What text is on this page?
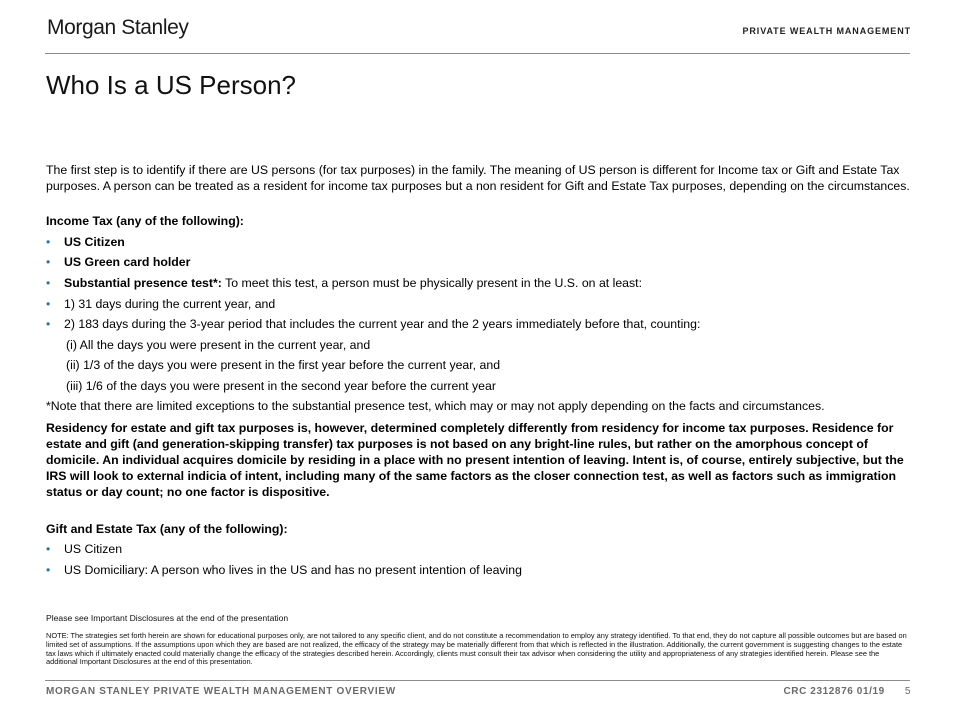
Morgan Stanley	PRIVATE WEALTH MANAGEMENT
Who Is a US Person?
The first step is to identify if there are US persons (for tax purposes) in the family. The meaning of US person is different for Income tax or Gift and Estate Tax purposes. A person can be treated as a resident for income tax purposes but a non resident for Gift and Estate Tax purposes, depending on the circumstances.
Income Tax (any of the following):
• US Citizen
• US Green card holder
• Substantial presence test*: To meet this test, a person must be physically present in the U.S. on at least:
• 1) 31 days during the current year, and
• 2) 183 days during the 3-year period that includes the current year and the 2 years immediately before that, counting:
(i) All the days you were present in the current year, and
(ii) 1/3 of the days you were present in the first year before the current year, and
(iii) 1/6 of the days you were present in the second year before the current year
*Note that there are limited exceptions to the substantial presence test, which may or may not apply depending on the facts and circumstances.
Residency for estate and gift tax purposes is, however, determined completely differently from residency for income tax purposes. Residence for estate and gift (and generation-skipping transfer) tax purposes is not based on any bright-line rules, but rather on the amorphous concept of domicile. An individual acquires domicile by residing in a place with no present intention of leaving. Intent is, of course, entirely subjective, but the IRS will look to external indicia of intent, including many of the same factors as the closer connection test, as well as factors such as immigration status or day count; no one factor is dispositive.
Gift and Estate Tax (any of the following):
• US Citizen
• US Domiciliary: A person who lives in the US and has no present intention of leaving
Please see Important Disclosures at the end of the presentation
NOTE: The strategies set forth herein are shown for educational purposes only, are not tailored to any specific client, and do not constitute a recommendation to employ any strategy identified. To that end, they do not capture all possible outcomes but are based on limited set of assumptions. If the assumptions upon which they are based are not realized, the efficacy of the strategy may be materially different from that which is reflected in the illustration. Additionally, the current government is suggesting changes to the estate tax laws which if ultimately enacted could materially change the efficacy of the strategies described herein. Accordingly, clients must consult their tax advisor when considering the utility and appropriateness of any strategies identified herein. Please see the additional Important Disclosures at the end of this presentation.
MORGAN STANLEY PRIVATE WEALTH MANAGEMENT OVERVIEW	CRC 2312876 01/19 5
